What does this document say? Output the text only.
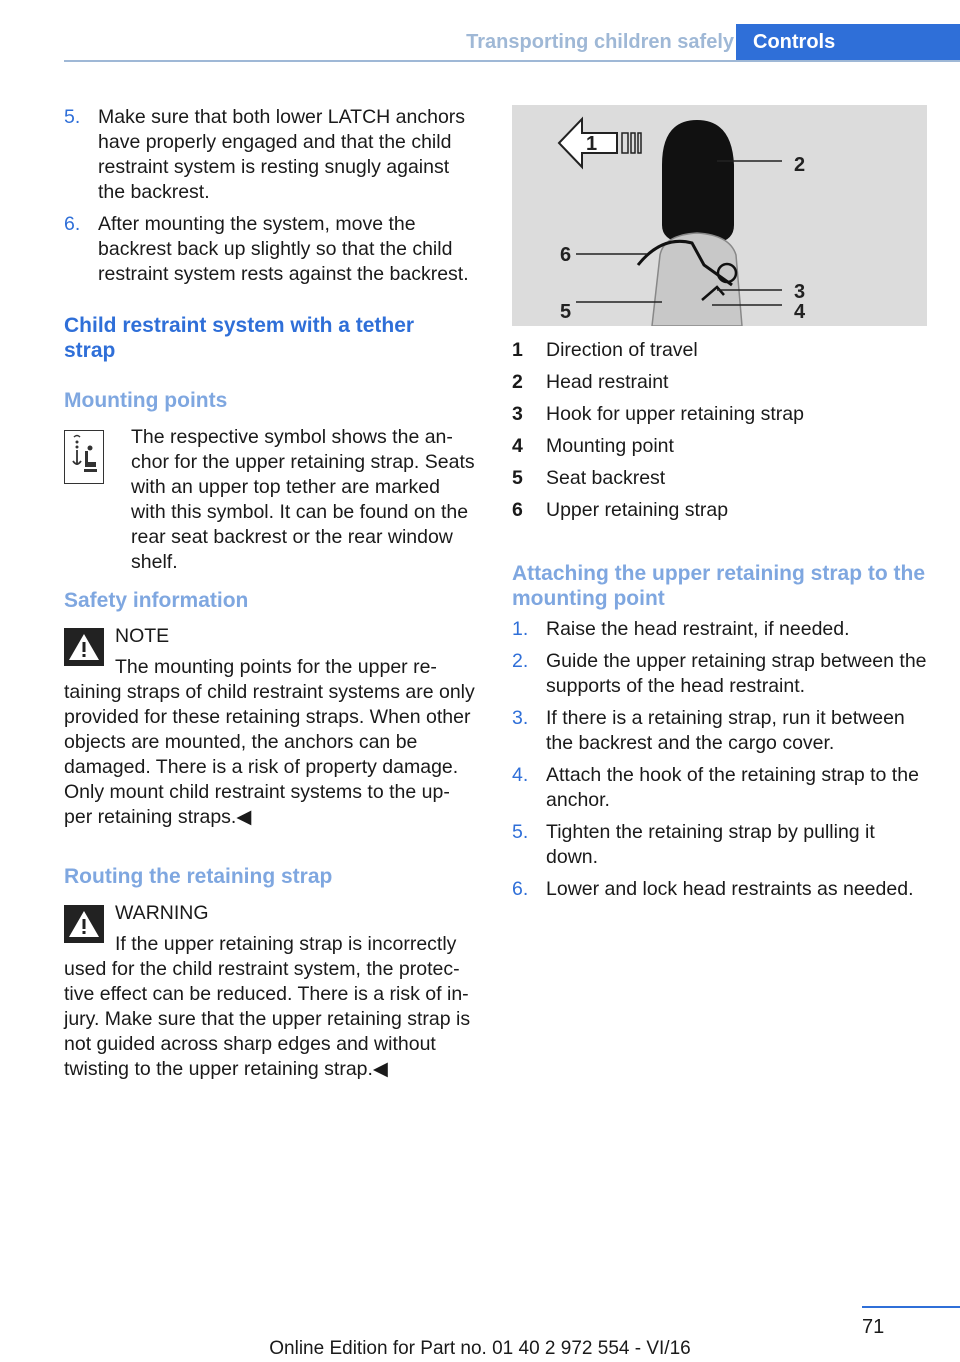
Transporting children safely Controls
5. Make sure that both lower LATCH anchors have properly engaged and that the child restraint system is resting snugly against the backrest.
6. After mounting the system, move the backrest back up slightly so that the child restraint system rests against the backrest.
Child restraint system with a tether strap
Mounting points
The respective symbol shows the an‐ chor for the upper retaining strap. Seats with an upper top tether are marked with this symbol. It can be found on the rear seat backrest or the rear window shelf.
Safety information
NOTE
The mounting points for the upper re‐ taining straps of child restraint systems are only provided for these retaining straps. When other objects are mounted, the anchors can be damaged. There is a risk of property damage. Only mount child restraint systems to the up‐ per retaining straps.◀
Routing the retaining strap
WARNING
If the upper retaining strap is incorrectly used for the child restraint system, the protec‐ tive effect can be reduced. There is a risk of in‐ jury. Make sure that the upper retaining strap is not guided across sharp edges and without twisting to the upper retaining strap.◀
1
2
6
3
4
5
1 Direction of travel
2 Head restraint
3 Hook for upper retaining strap
4 Mounting point
5 Seat backrest
6 Upper retaining strap
Attaching the upper retaining strap to the mounting point
1. Raise the head restraint, if needed.
2. Guide the upper retaining strap between the supports of the head restraint.
3. If there is a retaining strap, run it between the backrest and the cargo cover.
4. Attach the hook of the retaining strap to the anchor.
5. Tighten the retaining strap by pulling it down.
6. Lower and lock head restraints as needed.
71
Online Edition for Part no. 01 40 2 972 554 - VI/16
